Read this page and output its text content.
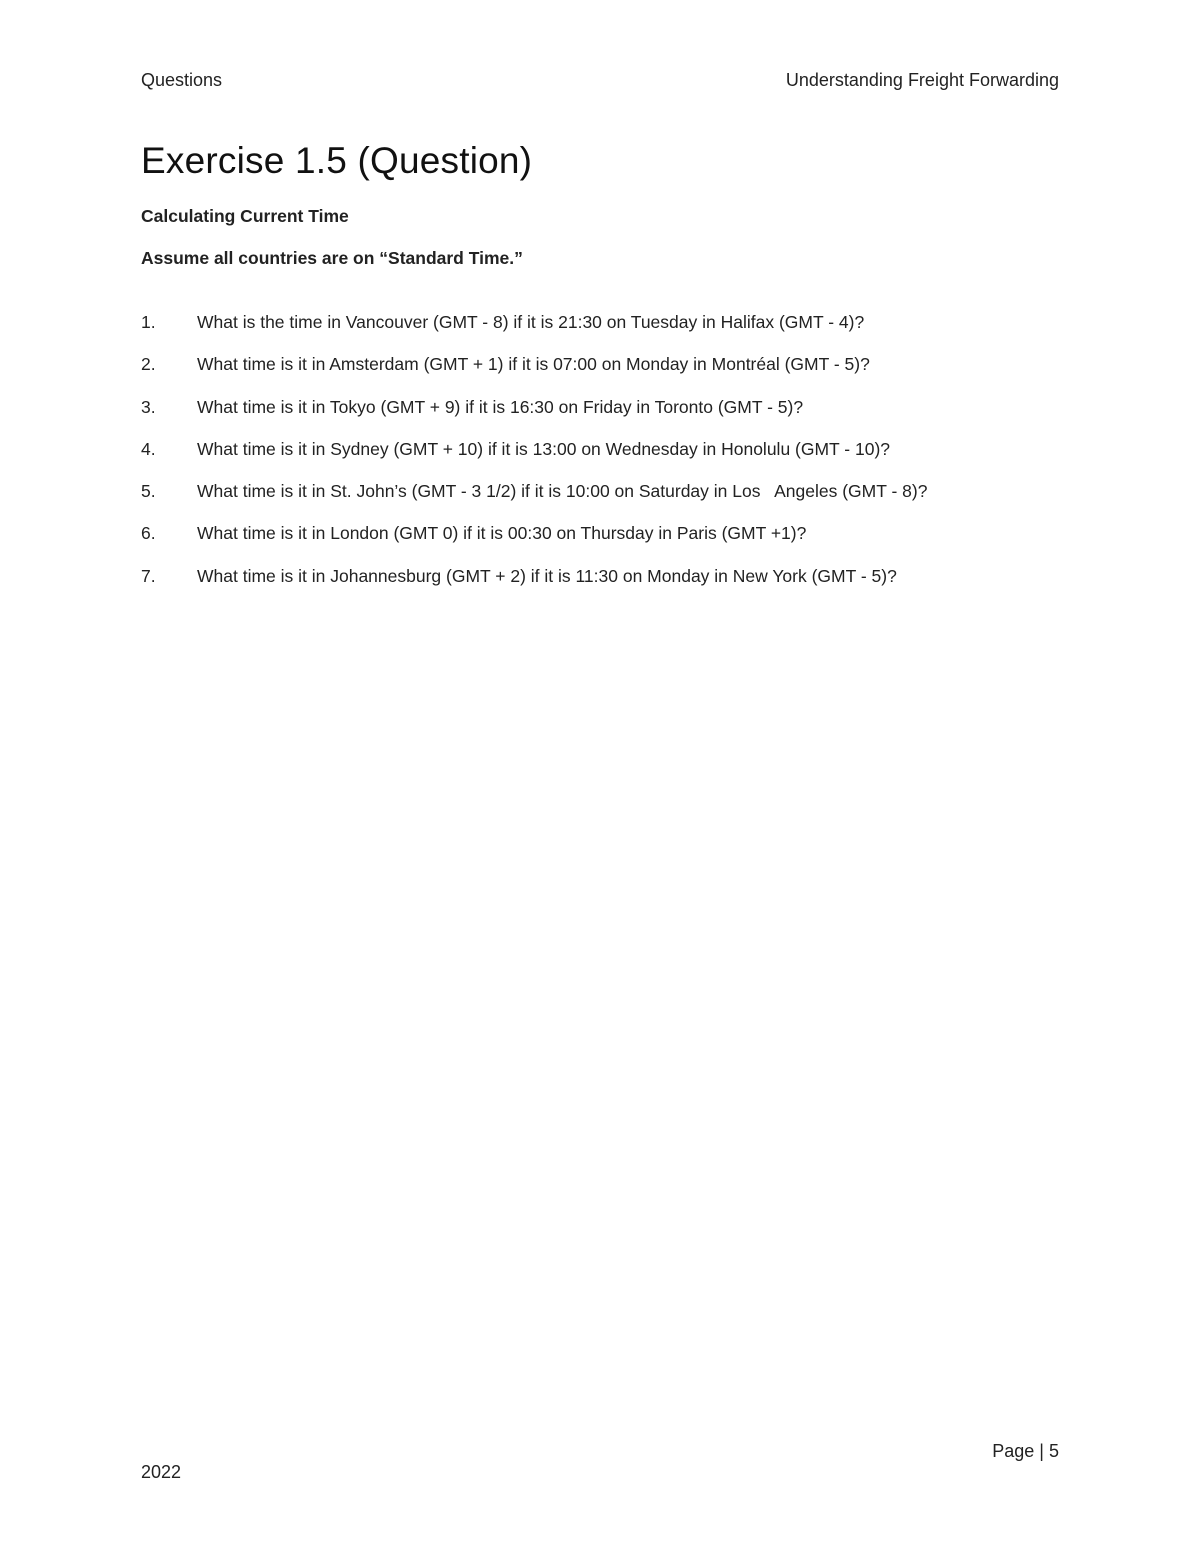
Questions	Understanding Freight Forwarding
Exercise 1.5 (Question)
Calculating Current Time
Assume all countries are on “Standard Time.”
1. What is the time in Vancouver (GMT - 8) if it is 21:30 on Tuesday in Halifax (GMT - 4)?
2. What time is it in Amsterdam (GMT + 1) if it is 07:00 on Monday in Montréal (GMT - 5)?
3. What time is it in Tokyo (GMT + 9) if it is 16:30 on Friday in Toronto (GMT - 5)?
4. What time is it in Sydney (GMT + 10) if it is 13:00 on Wednesday in Honolulu (GMT - 10)?
5. What time is it in St. John’s (GMT - 3 1/2) if it is 10:00 on Saturday in Los   Angeles (GMT - 8)?
6. What time is it in London (GMT 0) if it is 00:30 on Thursday in Paris (GMT +1)?
7. What time is it in Johannesburg (GMT + 2) if it is 11:30 on Monday in New York (GMT - 5)?
Page | 5
2022
